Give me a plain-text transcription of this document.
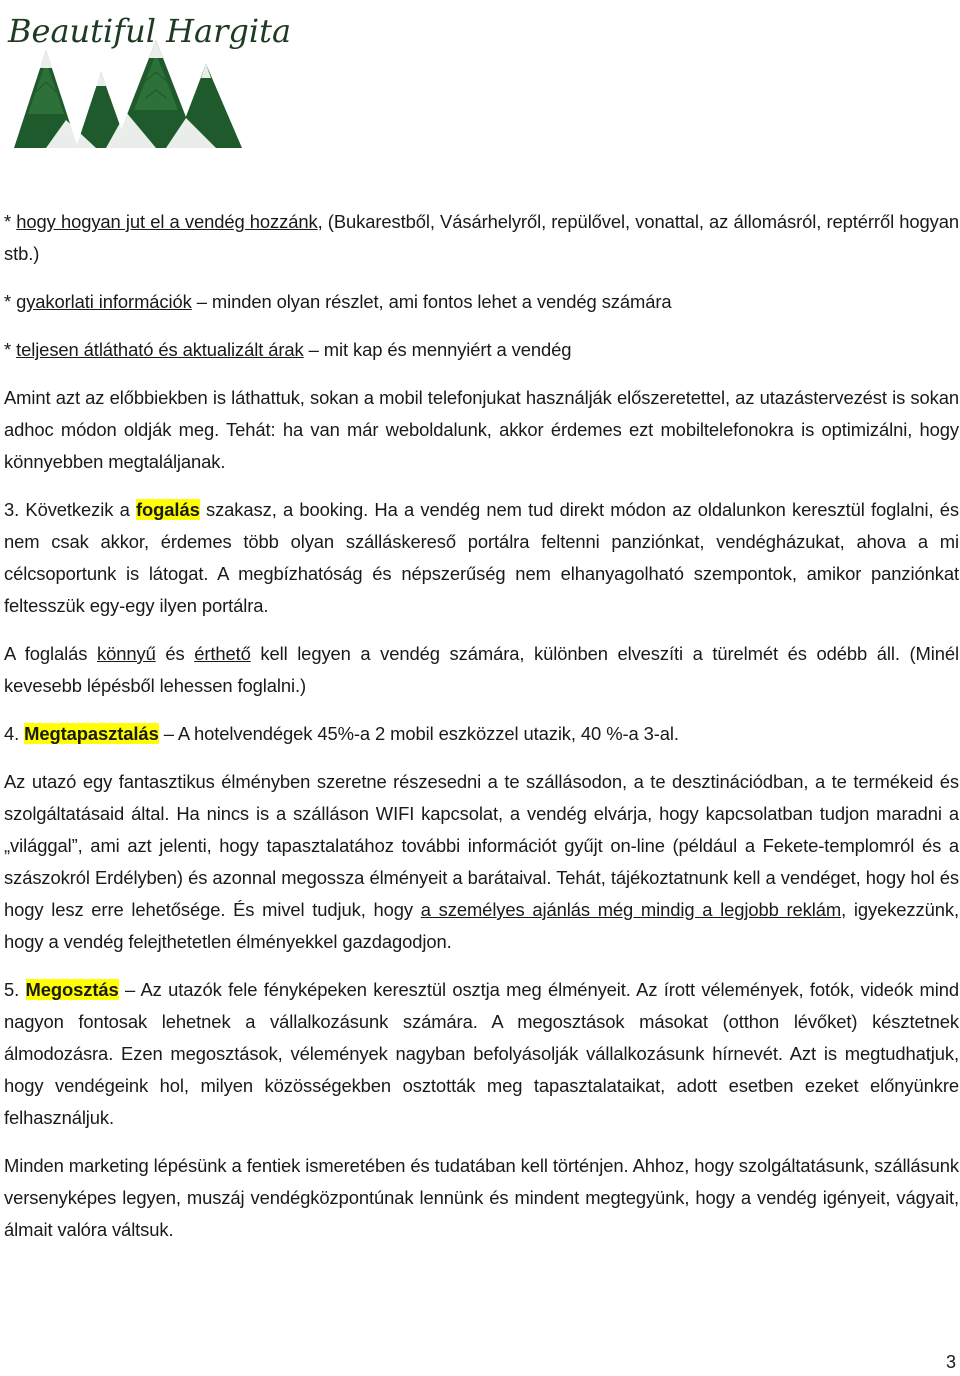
Beautiful Hargita

* hogy hogyan jut el a vendég hozzánk, (Bukarestből, Vásárhelyről, repülővel, vonattal, az állomásról, reptérről hogyan stb.)

* gyakorlati információk – minden olyan részlet, ami fontos lehet a vendég számára

* teljesen átlátható és aktualizált árak – mit kap és mennyiért a vendég

Amint azt az előbbiekben is láthattuk, sokan a mobil telefonjukat használják előszeretettel, az utazástervezést is sokan adhoc módon oldják meg. Tehát: ha van már weboldalunk, akkor érdemes ezt mobiltelefonokra is optimizálni, hogy könnyebben megtaláljanak.

3. Következik a fogalás szakasz, a booking. Ha a vendég nem tud direkt módon az oldalunkon keresztül foglalni, és nem csak akkor, érdemes több olyan szálláskereső portálra feltenni panziónkat, vendégházukat, ahova a mi célcsoportunk is látogat. A megbízhatóság és népszerűség nem elhanyagolható szempontok, amikor panziónkat feltesszük egy-egy ilyen portálra.

A foglalás könnyű és érthető kell legyen a vendég számára, különben elveszíti a türelmét és odébb áll. (Minél kevesebb lépésből lehessen foglalni.)

4. Megtapasztalás – A hotelvendégek 45%-a 2 mobil eszközzel utazik, 40 %-a 3-al.

Az utazó egy fantasztikus élményben szeretne részesedni a te szállásodon, a te desztinációdban, a te termékeid és szolgáltatásaid által. Ha nincs is a szálláson WIFI kapcsolat, a vendég elvárja, hogy kapcsolatban tudjon maradni a „világgal”, ami azt jelenti, hogy tapasztalatához további információt gyűjt on-line (például a Fekete-templomról és a szászokról Erdélyben) és azonnal megossza élményeit a barátaival. Tehát, tájékoztatnunk kell a vendéget, hogy hol és hogy lesz erre lehetősége. És mivel tudjuk, hogy a személyes ajánlás még mindig a legjobb reklám, igyekezzünk, hogy a vendég felejthetetlen élményekkel gazdagodjon.

5. Megosztás – Az utazók fele fényképeken keresztül osztja meg élményeit. Az írott vélemények, fotók, videók mind nagyon fontosak lehetnek a vállalkozásunk számára. A megosztások másokat (otthon lévőket) késztetnek álmodozásra. Ezen megosztások, vélemények nagyban befolyásolják vállalkozásunk hírnevét. Azt is megtudhatjuk, hogy vendégeink hol, milyen közösségekben osztották meg tapasztalataikat, adott esetben ezeket előnyünkre felhasználjuk.

Minden marketing lépésünk a fentiek ismeretében és tudatában kell történjen. Ahhoz, hogy szolgáltatásunk, szállásunk versenyképes legyen, muszáj vendégközpontúnak lennünk és mindent megtegyünk, hogy a vendég igényeit, vágyait, álmait valóra váltsuk.

3
